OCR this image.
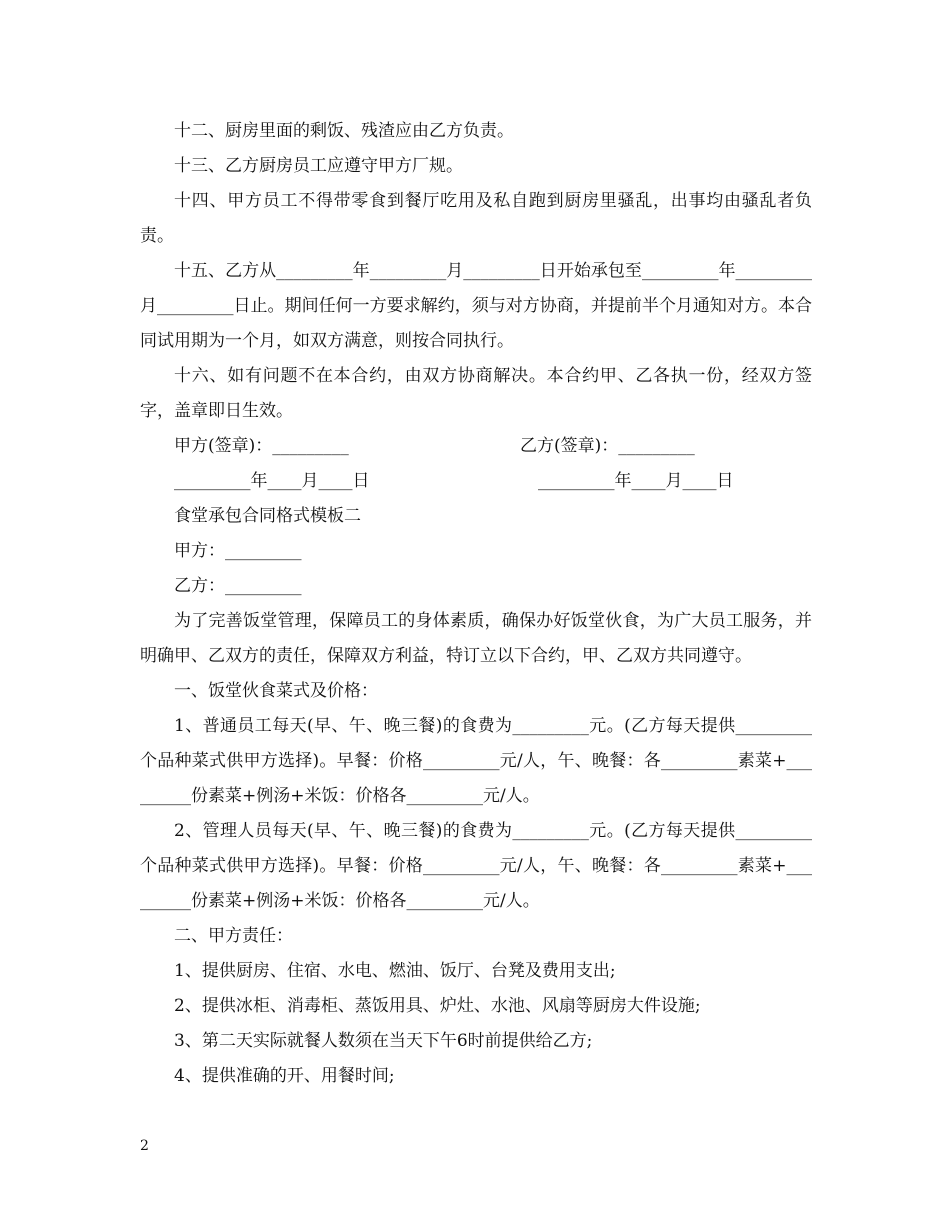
十二、厨房里面的剩饭、残渣应由乙方负责。

十三、乙方厨房员工应遵守甲方厂规。

十四、甲方员工不得带零食到餐厅吃用及私自跑到厨房里骚乱，出事均由骚乱者负责。

十五、乙方从_________年_________月_________日开始承包至_________年_________月_________日止。期间任何一方要求解约，须与对方协商，并提前半个月通知对方。本合同试用期为一个月，如双方满意，则按合同执行。

十六、如有问题不在本合约，由双方协商解决。本合约甲、乙各执一份，经双方签字，盖章即日生效。

甲方(签章)：_________	乙方(签章)：_________
_________年____月____日	_________年____月____日

食堂承包合同格式模板二

甲方：_________

乙方：_________

为了完善饭堂管理，保障员工的身体素质，确保办好饭堂伙食，为广大员工服务，并明确甲、乙双方的责任，保障双方利益，特订立以下合约，甲、乙双方共同遵守。

一、饭堂伙食菜式及价格：

1、普通员工每天(早、午、晚三餐)的食费为_________元。(乙方每天提供_________个品种菜式供甲方选择)。早餐：价格_________元/人，午、晚餐：各_________素菜+_________份素菜+例汤+米饭：价格各_________元/人。

2、管理人员每天(早、午、晚三餐)的食费为_________元。(乙方每天提供_________个品种菜式供甲方选择)。早餐：价格_________元/人，午、晚餐：各_________素菜+_________份素菜+例汤+米饭：价格各_________元/人。

二、甲方责任：

1、提供厨房、住宿、水电、燃油、饭厅、台凳及费用支出;

2、提供冰柜、消毒柜、蒸饭用具、炉灶、水池、风扇等厨房大件设施;

3、第二天实际就餐人数须在当天下午6时前提供给乙方;

4、提供准确的开、用餐时间;

2
